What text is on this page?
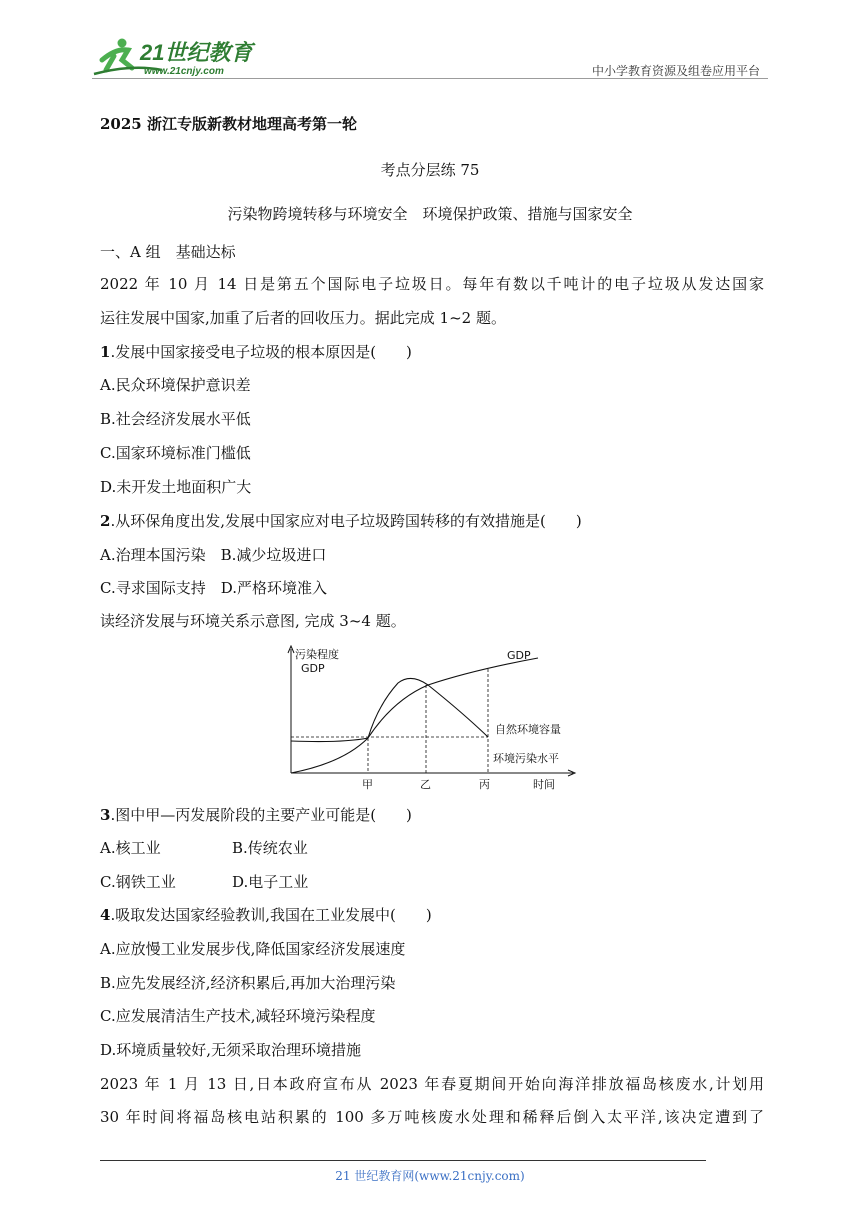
21世纪教育
www.21cnjy.com	中小学教育资源及组卷应用平台
2025 浙江专版新教材地理高考第一轮
考点分层练 75
污染物跨境转移与环境安全　环境保护政策、措施与国家安全
一、A 组　基础达标
2022 年 10 月 14 日是第五个国际电子垃圾日。每年有数以千吨计的电子垃圾从发达国家
运往发展中国家,加重了后者的回收压力。据此完成 1~2 题。
1.发展中国家接受电子垃圾的根本原因是(　　)
A.民众环境保护意识差
B.社会经济发展水平低
C.国家环境标准门槛低
D.未开发土地面积广大
2.从环保角度出发,发展中国家应对电子垃圾跨国转移的有效措施是(　　)
A.治理本国污染　B.减少垃圾进口
C.寻求国际支持　D.严格环境准入
读经济发展与环境关系示意图, 完成 3~4 题。
污染程度
GDP
自然环境容量
GDP
环境污染水平
甲	乙	丙	时间
3.图中甲—丙发展阶段的主要产业可能是(　　)
A.核工业	B.传统农业
C.钢铁工业	D.电子工业
4.吸取发达国家经验教训,我国在工业发展中(　　)
A.应放慢工业发展步伐,降低国家经济发展速度
B.应先发展经济,经济积累后,再加大治理污染
C.应发展清洁生产技术,减轻环境污染程度
D.环境质量较好,无须采取治理环境措施
2023 年 1 月 13 日,日本政府宣布从 2023 年春夏期间开始向海洋排放福岛核废水,计划用
30 年时间将福岛核电站积累的 100 多万吨核废水处理和稀释后倒入太平洋,该决定遭到了
21 世纪教育网(www.21cnjy.com)
